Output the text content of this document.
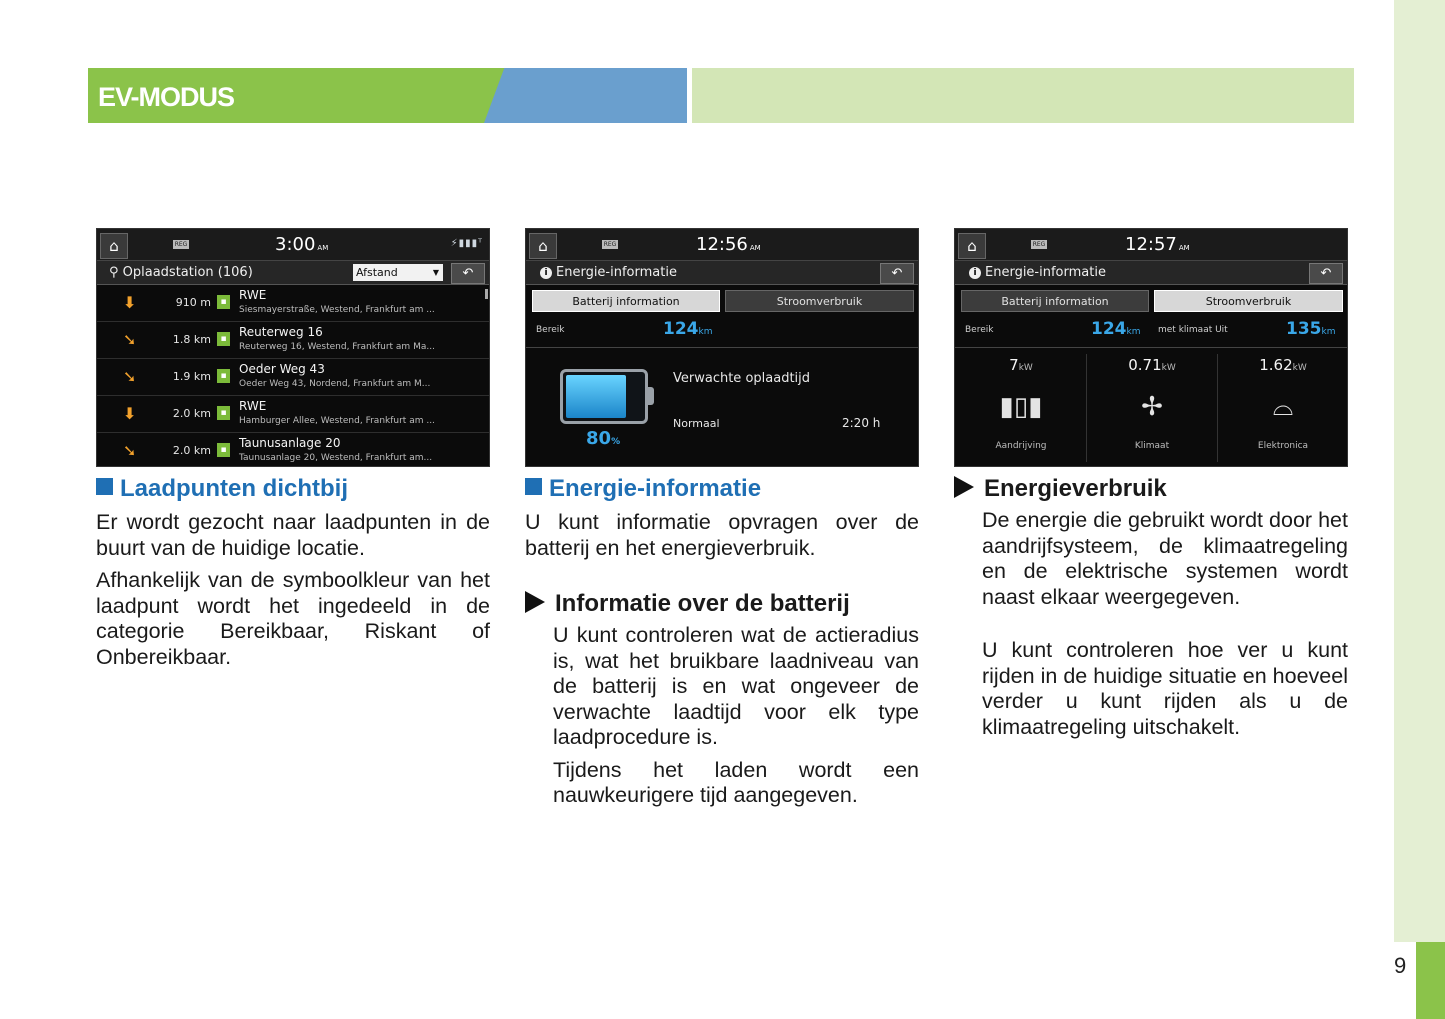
EV-MODUS
9
⌂	REG	3:00 AM	⚡▮▮▮ᵀ
⚲ Oplaadstation (106)	Afstand	▼	↶
⬇	910 m	▪ RWE
Siesmayerstraße, Westend, Frankfurt am ...
➘	1.8 km	▪ Reuterweg 16
Reuterweg 16, Westend, Frankfurt am Ma...
➘	1.9 km	▪ Oeder Weg 43
Oeder Weg 43, Nordend, Frankfurt am M...
⬇	2.0 km	▪ RWE
Hamburger Allee, Westend, Frankfurt am ...
➘	2.0 km	▪ Taunusanlage 20
Taunusanlage 20, Westend, Frankfurt am...
⌂	REG	12:56 AM
i Energie-informatie	↶
Batterij information	Stroomverbruik
Bereik	124km
80%
Verwachte oplaadtijd
Normaal	2:20 h
⌂	REG	12:57 AM
i Energie-informatie	↶
Batterij information	Stroomverbruik
Bereik	124km met klimaat Uit	135km
7kW
▮▯▮
Aandrijving
0.71kW
✢
Klimaat
1.62kW
⌓
Elektronica
Laadpunten dichtbij

Er wordt gezocht naar laadpunten in de buurt van de huidige locatie.

Afhankelijk van de symboolkleur van het laadpunt wordt het ingedeeld in de categorie Bereikbaar, Riskant of Onbereikbaar.

Energie-informatie

U kunt informatie opvragen over de batterij en het energieverbruik.

Informatie over de batterij

U kunt controleren wat de actieradius is, wat het bruikbare laadniveau van de batterij is en wat ongeveer de verwachte laadtijd voor elk type laadprocedure is.

Tijdens het laden wordt een nauwkeurigere tijd aangegeven.

Energieverbruik

De energie die gebruikt wordt door het aandrijfsysteem, de klimaatregeling en de elektrische systemen wordt naast elkaar weergegeven.

U kunt controleren hoe ver u kunt rijden in de huidige situatie en hoeveel verder u kunt rijden als u de klimaatregeling uitschakelt.
